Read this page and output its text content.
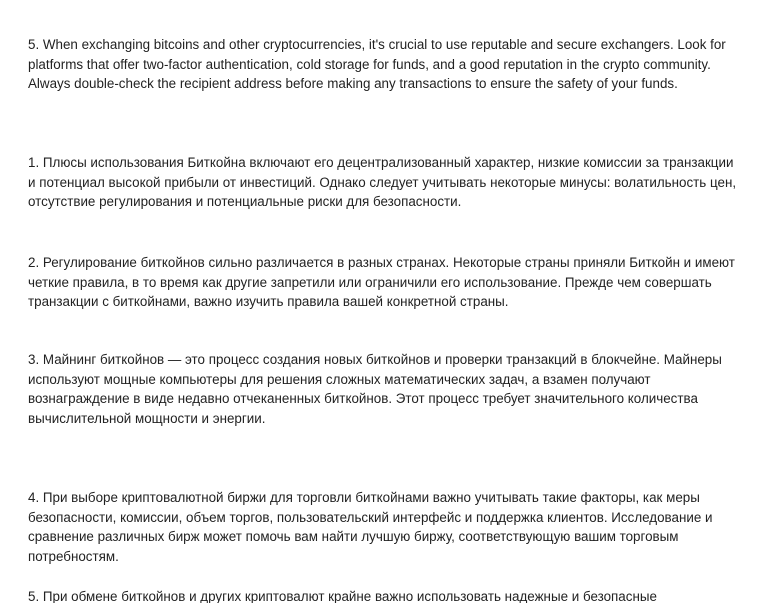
5. When exchanging bitcoins and other cryptocurrencies, it's crucial to use reputable and secure exchangers. Look for platforms that offer two-factor authentication, cold storage for funds, and a good reputation in the crypto community. Always double-check the recipient address before making any transactions to ensure the safety of your funds.

1. Плюсы использования Биткойна включают его децентрализованный характер, низкие комиссии за транзакции и потенциал высокой прибыли от инвестиций. Однако следует учитывать некоторые минусы: волатильность цен, отсутствие регулирования и потенциальные риски для безопасности.

2. Регулирование биткойнов сильно различается в разных странах. Некоторые страны приняли Биткойн и имеют четкие правила, в то время как другие запретили или ограничили его использование. Прежде чем совершать транзакции с биткойнами, важно изучить правила вашей конкретной страны.

3. Майнинг биткойнов — это процесс создания новых биткойнов и проверки транзакций в блокчейне. Майнеры используют мощные компьютеры для решения сложных математических задач, а взамен получают вознаграждение в виде недавно отчеканенных биткойнов. Этот процесс требует значительного количества вычислительной мощности и энергии.

4. При выборе криптовалютной биржи для торговли биткойнами важно учитывать такие факторы, как меры безопасности, комиссии, объем торгов, пользовательский интерфейс и поддержка клиентов. Исследование и сравнение различных бирж может помочь вам найти лучшую биржу, соответствующую вашим торговым потребностям.

5. При обмене биткойнов и других криптовалют крайне важно использовать надежные и безопасные
